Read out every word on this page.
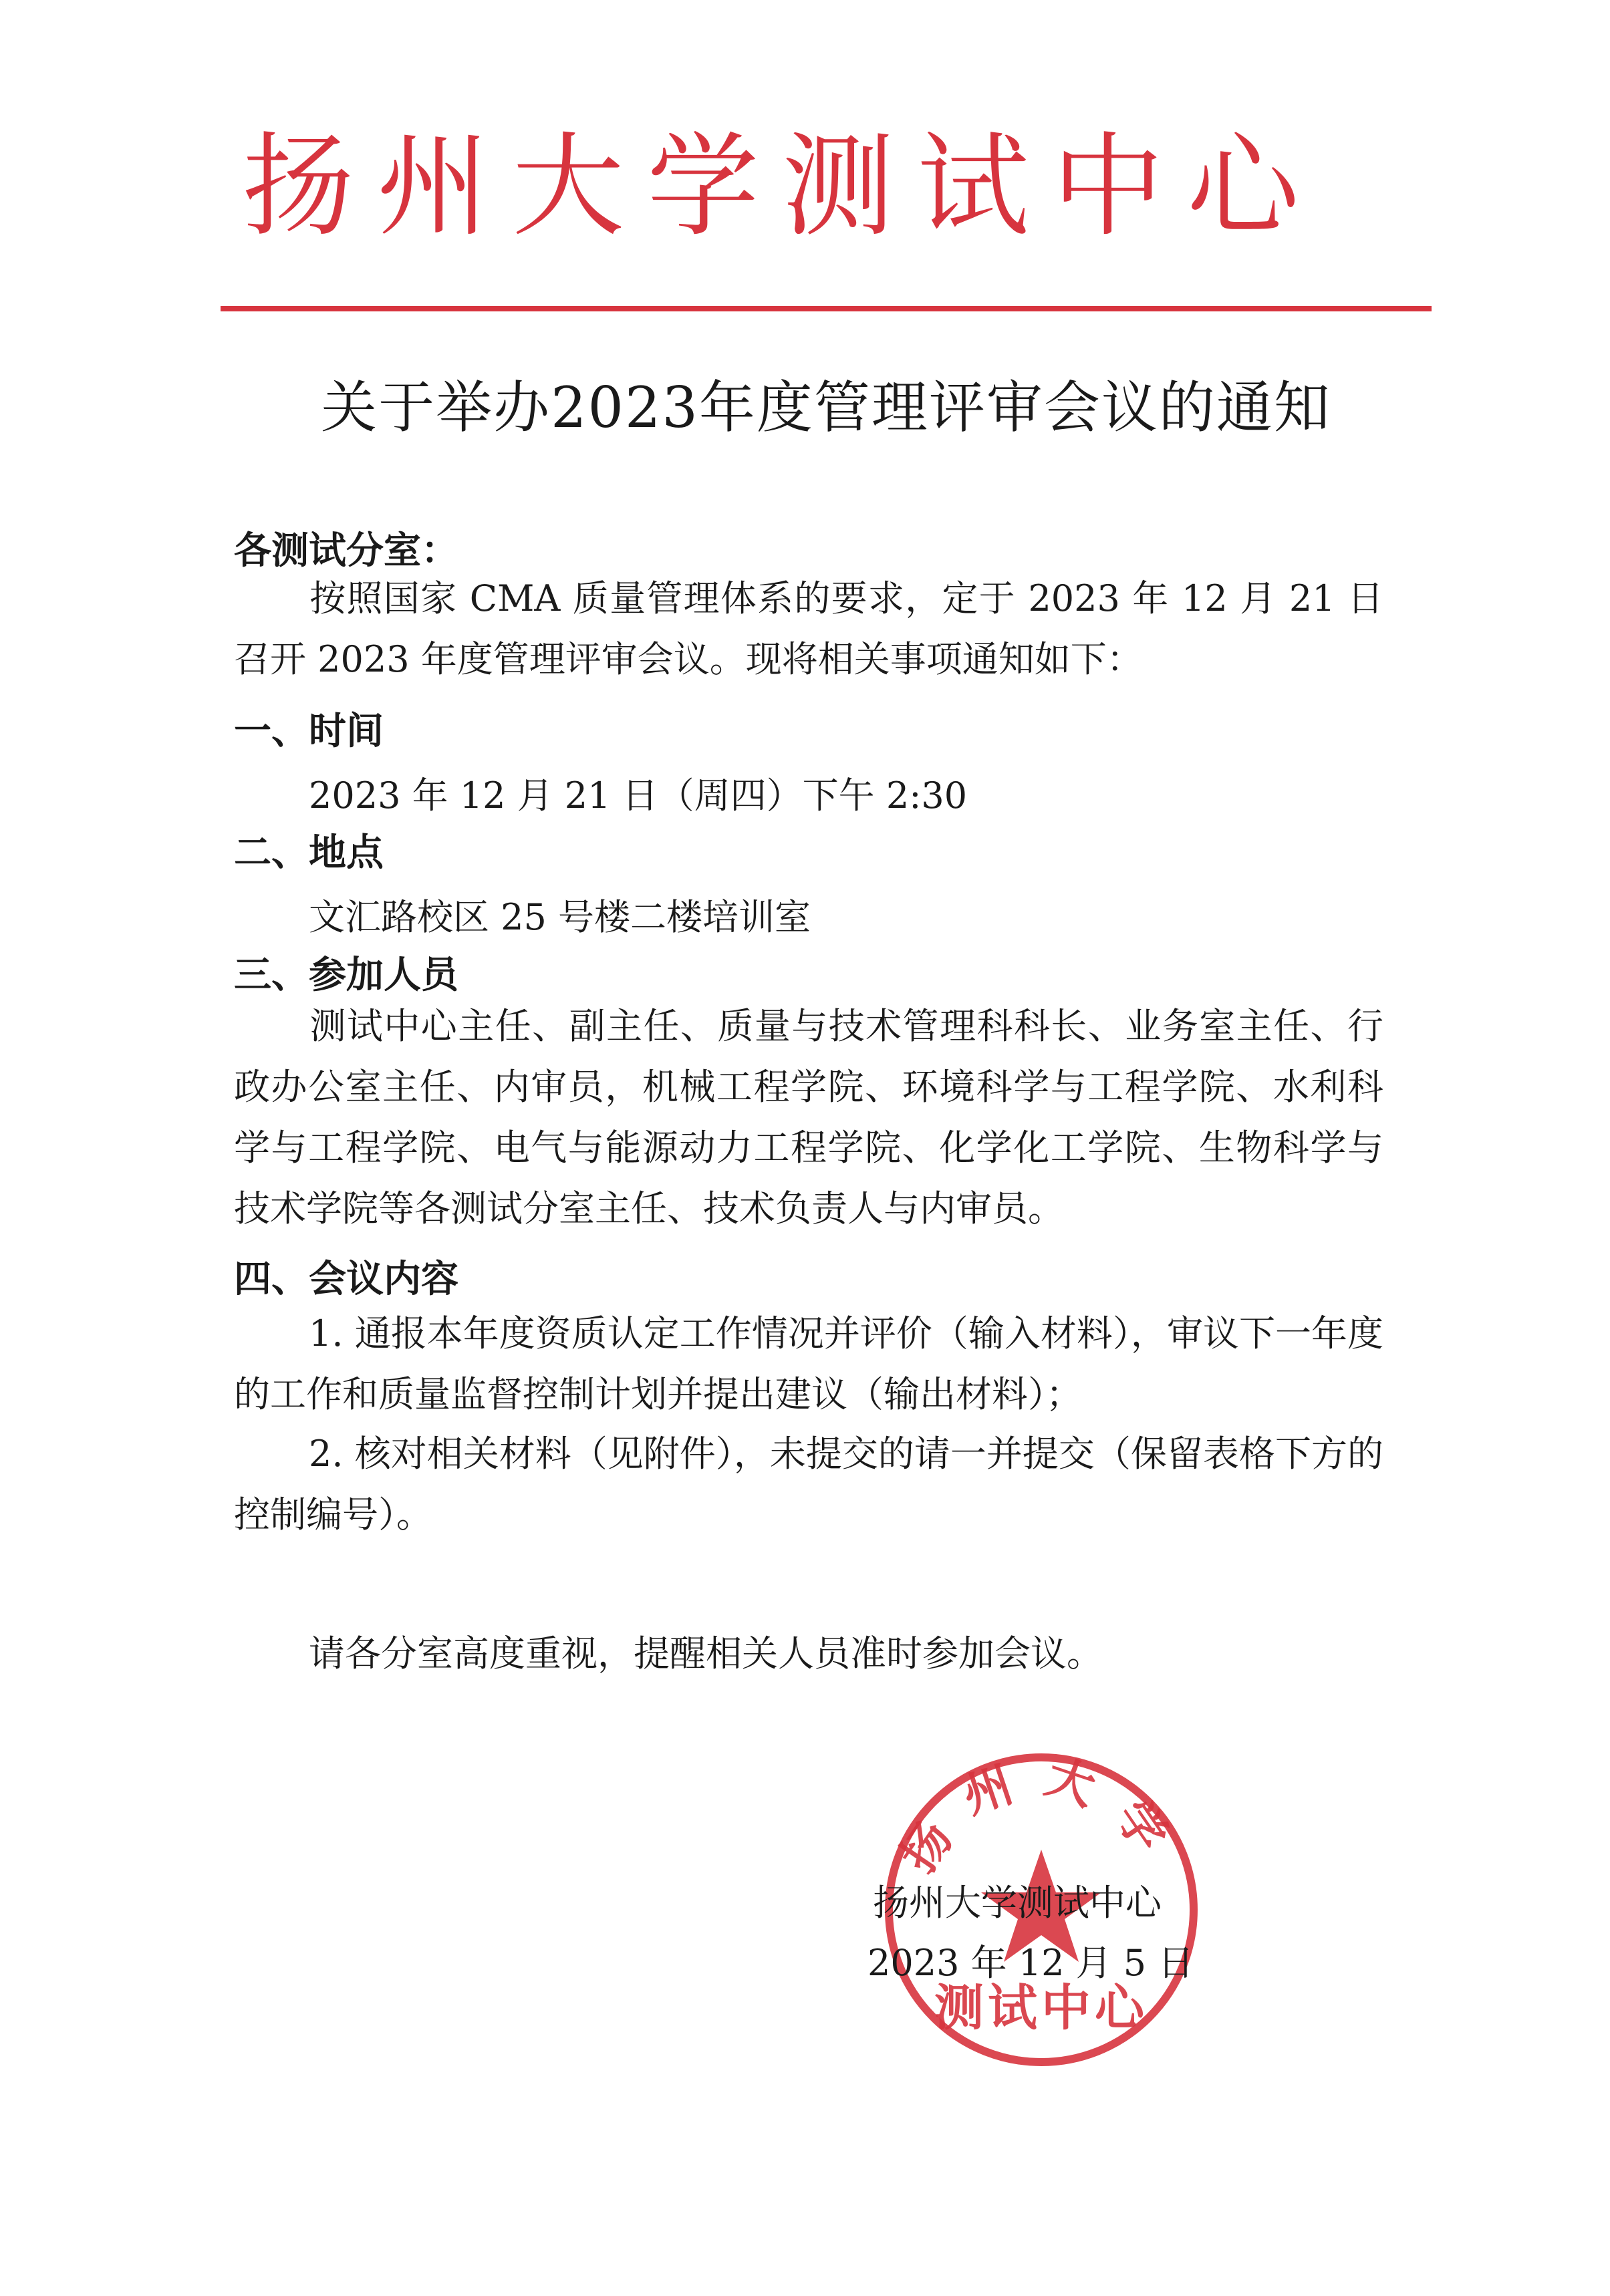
扬州大学测试中心
关于举办2023年度管理评审会议的通知
各测试分室：
按照国家 CMA 质量管理体系的要求，定于 2023 年 12 月 21 日召开 2023 年度管理评审会议。现将相关事项通知如下：
一、时间
2023 年 12 月 21 日（周四）下午 2:30
二、地点
文汇路校区 25 号楼二楼培训室
三、参加人员
测试中心主任、副主任、质量与技术管理科科长、业务室主任、行政办公室主任、内审员，机械工程学院、环境科学与工程学院、水利科学与工程学院、电气与能源动力工程学院、化学化工学院、生物科学与技术学院等各测试分室主任、技术负责人与内审员。
四、会议内容
1. 通报本年度资质认定工作情况并评价（输入材料），审议下一年度的工作和质量监督控制计划并提出建议（输出材料）；
2. 核对相关材料（见附件），未提交的请一并提交（保留表格下方的控制编号）。
请各分室高度重视，提醒相关人员准时参加会议。
扬州大学
测试中心
扬州大学测试中心
2023 年 12 月 5 日
